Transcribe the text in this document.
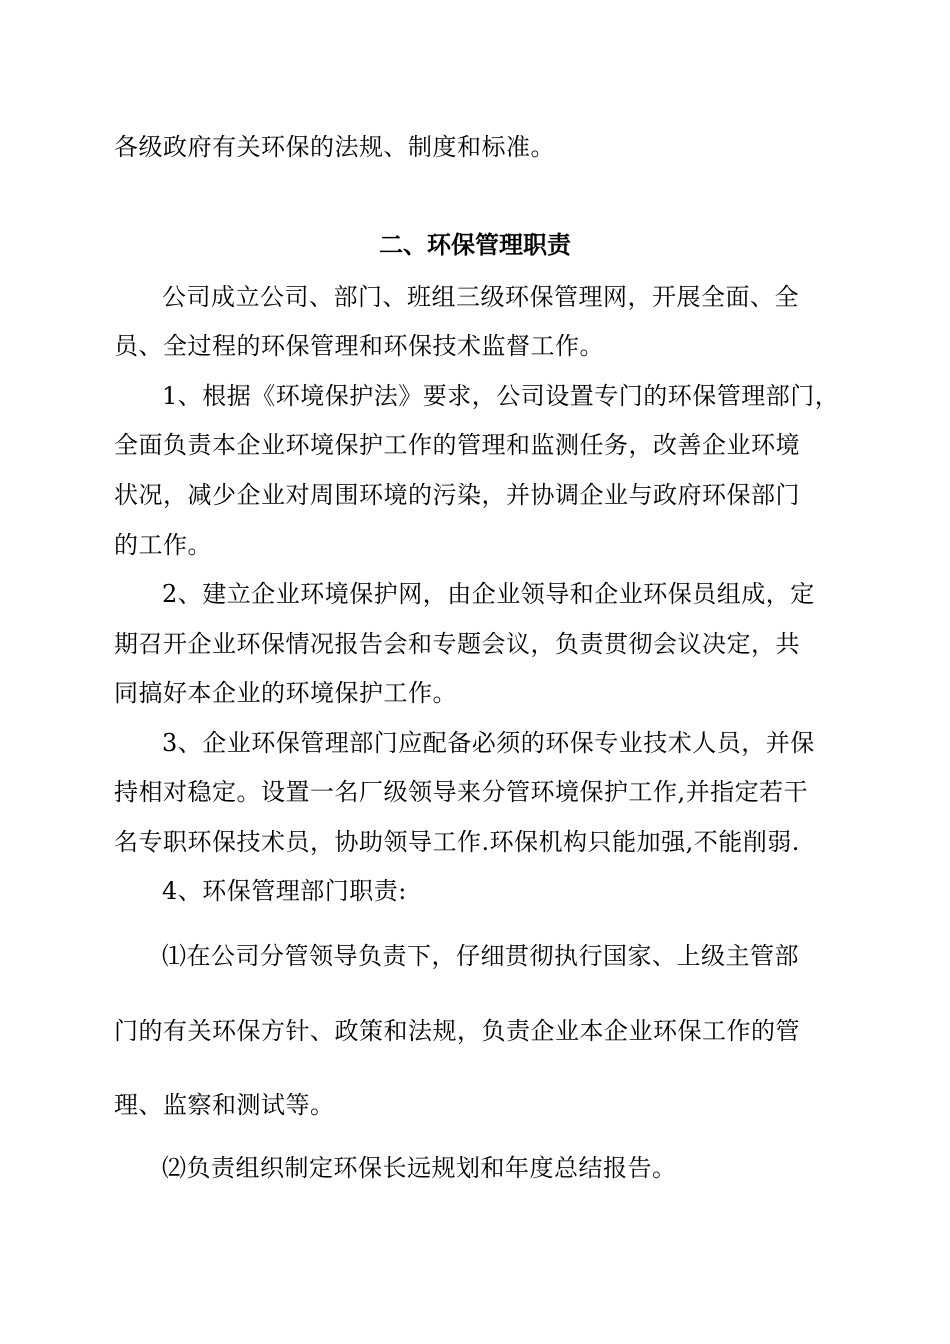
各级政府有关环保的法规、制度和标准。
二、环保管理职责
公司成立公司、部门、班组三级环保管理网，开展全面、全
员、全过程的环保管理和环保技术监督工作。
1、根据《环境保护法》要求，公司设置专门的环保管理部门，
全面负责本企业环境保护工作的管理和监测任务，改善企业环境
状况，减少企业对周围环境的污染，并协调企业与政府环保部门
的工作。
2、建立企业环境保护网，由企业领导和企业环保员组成，定
期召开企业环保情况报告会和专题会议，负责贯彻会议决定，共
同搞好本企业的环境保护工作。
3、企业环保管理部门应配备必须的环保专业技术人员，并保
持相对稳定。设置一名厂级领导来分管环境保护工作,并指定若干
名专职环保技术员，协助领导工作.环保机构只能加强,不能削弱.
4、环保管理部门职责:
⑴在公司分管领导负责下，仔细贯彻执行国家、上级主管部
门的有关环保方针、政策和法规，负责企业本企业环保工作的管
理、监察和测试等。
⑵负责组织制定环保长远规划和年度总结报告。
